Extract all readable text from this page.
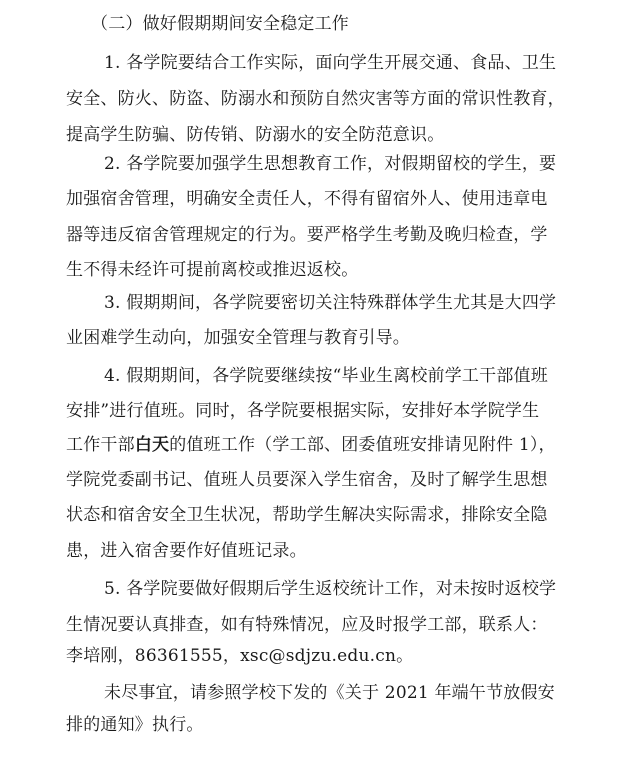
（二）做好假期期间安全稳定工作
1. 各学院要结合工作实际，面向学生开展交通、食品、卫生
安全、防火、防盗、防溺水和预防自然灾害等方面的常识性教育，
提高学生防骗、防传销、防溺水的安全防范意识。
2. 各学院要加强学生思想教育工作，对假期留校的学生，要
加强宿舍管理，明确安全责任人，不得有留宿外人、使用违章电
器等违反宿舍管理规定的行为。要严格学生考勤及晚归检查，学
生不得未经许可提前离校或推迟返校。
3. 假期期间，各学院要密切关注特殊群体学生尤其是大四学
业困难学生动向，加强安全管理与教育引导。
4. 假期期间，各学院要继续按“毕业生离校前学工干部值班
安排”进行值班。同时，各学院要根据实际，安排好本学院学生
工作干部白天的值班工作（学工部、团委值班安排请见附件 1），
学院党委副书记、值班人员要深入学生宿舍，及时了解学生思想
状态和宿舍安全卫生状况，帮助学生解决实际需求，排除安全隐
患，进入宿舍要作好值班记录。
5. 各学院要做好假期后学生返校统计工作，对未按时返校学
生情况要认真排查，如有特殊情况，应及时报学工部，联系人：
李培刚，86361555，xsc@sdjzu.edu.cn。
未尽事宜，请参照学校下发的《关于 2021 年端午节放假安
排的通知》执行。
